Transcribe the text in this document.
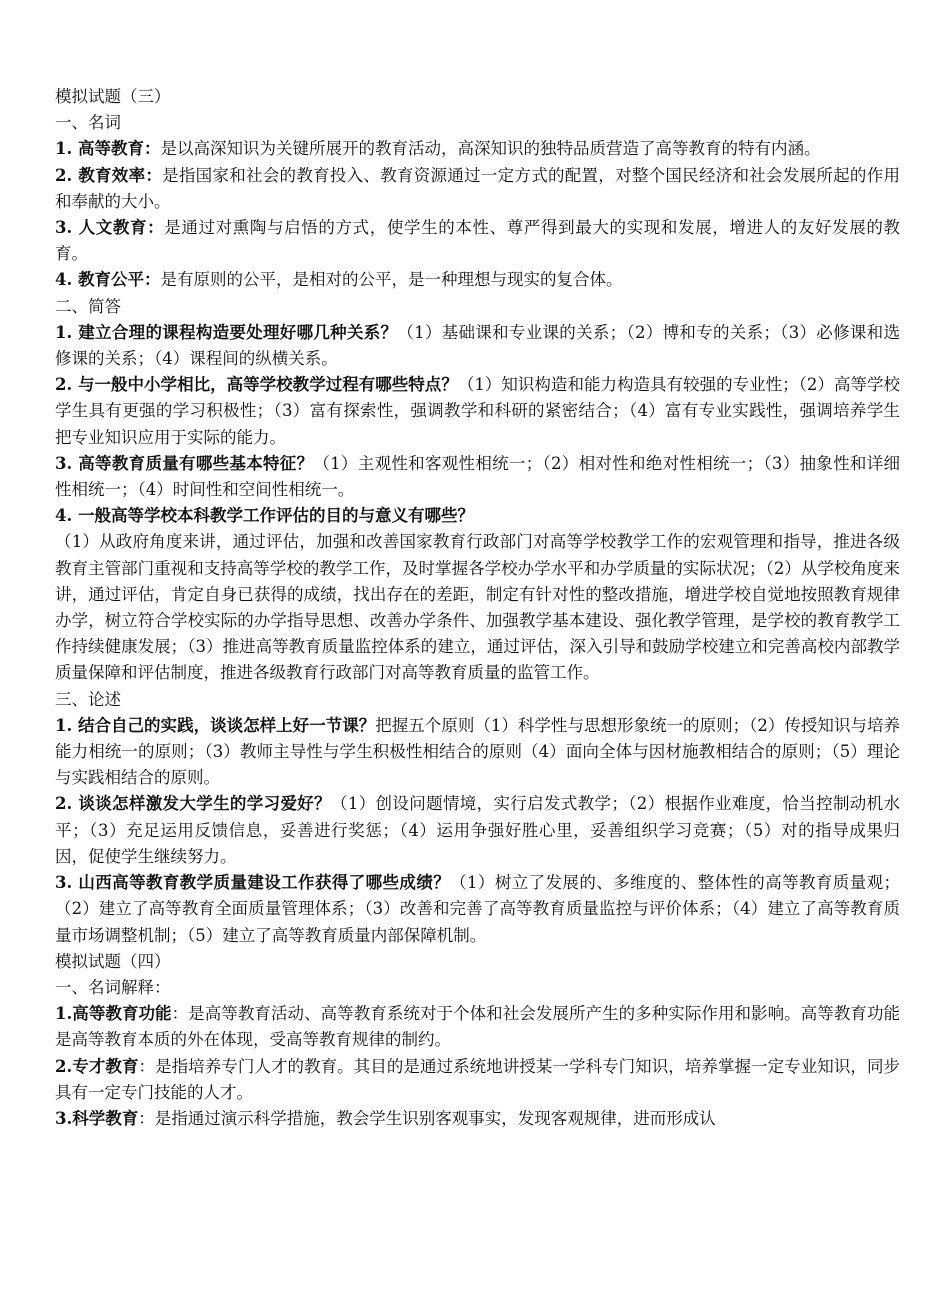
模拟试题（三）

一、名词

1. 高等教育：是以高深知识为关键所展开的教育活动，高深知识的独特品质营造了高等教育的特有内涵。

2. 教育效率：是指国家和社会的教育投入、教育资源通过一定方式的配置，对整个国民经济和社会发展所起的作用和奉献的大小。

3. 人文教育：是通过对熏陶与启悟的方式，使学生的本性、尊严得到最大的实现和发展，增进人的友好发展的教育。

4. 教育公平：是有原则的公平，是相对的公平，是一种理想与现实的复合体。

二、简答

1. 建立合理的课程构造要处理好哪几种关系？（1）基础课和专业课的关系；（2）博和专的关系；（3）必修课和选修课的关系；（4）课程间的纵横关系。

2. 与一般中小学相比，高等学校教学过程有哪些特点？（1）知识构造和能力构造具有较强的专业性；（2）高等学校学生具有更强的学习积极性；（3）富有探索性，强调教学和科研的紧密结合；（4）富有专业实践性，强调培养学生把专业知识应用于实际的能力。

3. 高等教育质量有哪些基本特征？（1）主观性和客观性相统一；（2）相对性和绝对性相统一；（3）抽象性和详细性相统一；（4）时间性和空间性相统一。

4. 一般高等学校本科教学工作评估的目的与意义有哪些？

（1）从政府角度来讲，通过评估，加强和改善国家教育行政部门对高等学校教学工作的宏观管理和指导，推进各级教育主管部门重视和支持高等学校的教学工作，及时掌握各学校办学水平和办学质量的实际状况；（2）从学校角度来讲，通过评估，肯定自身已获得的成绩，找出存在的差距，制定有针对性的整改措施，增进学校自觉地按照教育规律办学，树立符合学校实际的办学指导思想、改善办学条件、加强教学基本建设、强化教学管理，是学校的教育教学工作持续健康发展；（3）推进高等教育质量监控体系的建立，通过评估，深入引导和鼓励学校建立和完善高校内部教学质量保障和评估制度，推进各级教育行政部门对高等教育质量的监管工作。

三、论述

1. 结合自己的实践，谈谈怎样上好一节课？把握五个原则（1）科学性与思想形象统一的原则；（2）传授知识与培养能力相统一的原则；（3）教师主导性与学生积极性相结合的原则（4）面向全体与因材施教相结合的原则；（5）理论与实践相结合的原则。

2. 谈谈怎样激发大学生的学习爱好？（1）创设问题情境，实行启发式教学；（2）根据作业难度，恰当控制动机水平；（3）充足运用反馈信息，妥善进行奖惩；（4）运用争强好胜心里，妥善组织学习竞赛；（5）对的指导成果归因，促使学生继续努力。

3. 山西高等教育教学质量建设工作获得了哪些成绩？（1）树立了发展的、多维度的、整体性的高等教育质量观；（2）建立了高等教育全面质量管理体系；（3）改善和完善了高等教育质量监控与评价体系；（4）建立了高等教育质量市场调整机制；（5）建立了高等教育质量内部保障机制。

模拟试题（四）

一、名词解释：

1.高等教育功能：是高等教育活动、高等教育系统对于个体和社会发展所产生的多种实际作用和影响。高等教育功能是高等教育本质的外在体现，受高等教育规律的制约。

2.专才教育：是指培养专门人才的教育。其目的是通过系统地讲授某一学科专门知识，培养掌握一定专业知识，同步具有一定专门技能的人才。

3.科学教育：是指通过演示科学措施，教会学生识别客观事实，发现客观规律，进而形成认
